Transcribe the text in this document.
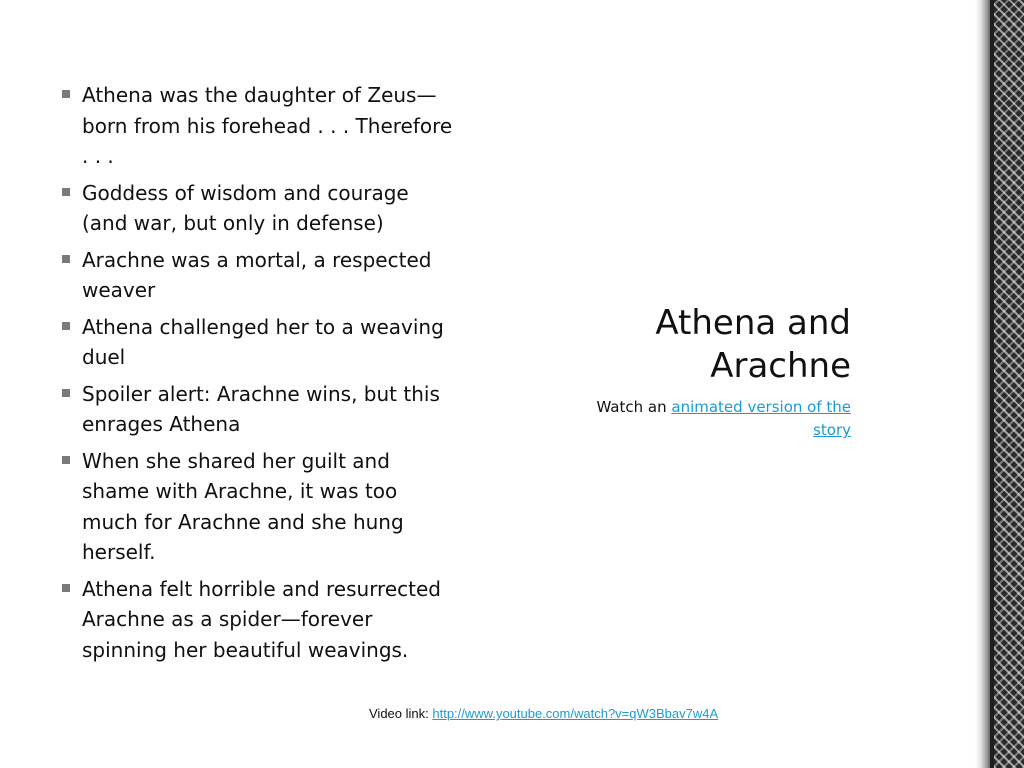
Athena was the daughter of Zeus—born from his forehead . . . Therefore . . .
Goddess of wisdom and courage (and war, but only in defense)
Arachne was a mortal, a respected weaver
Athena challenged her to a weaving duel
Spoiler alert: Arachne wins, but this enrages Athena
When she shared her guilt and shame with Arachne, it was too much for Arachne and she hung herself.
Athena felt horrible and resurrected Arachne as a spider—forever spinning her beautiful weavings.
Athena and Arachne
Watch an animated version of the story
Video link: http://www.youtube.com/watch?v=qW3Bbav7w4A
